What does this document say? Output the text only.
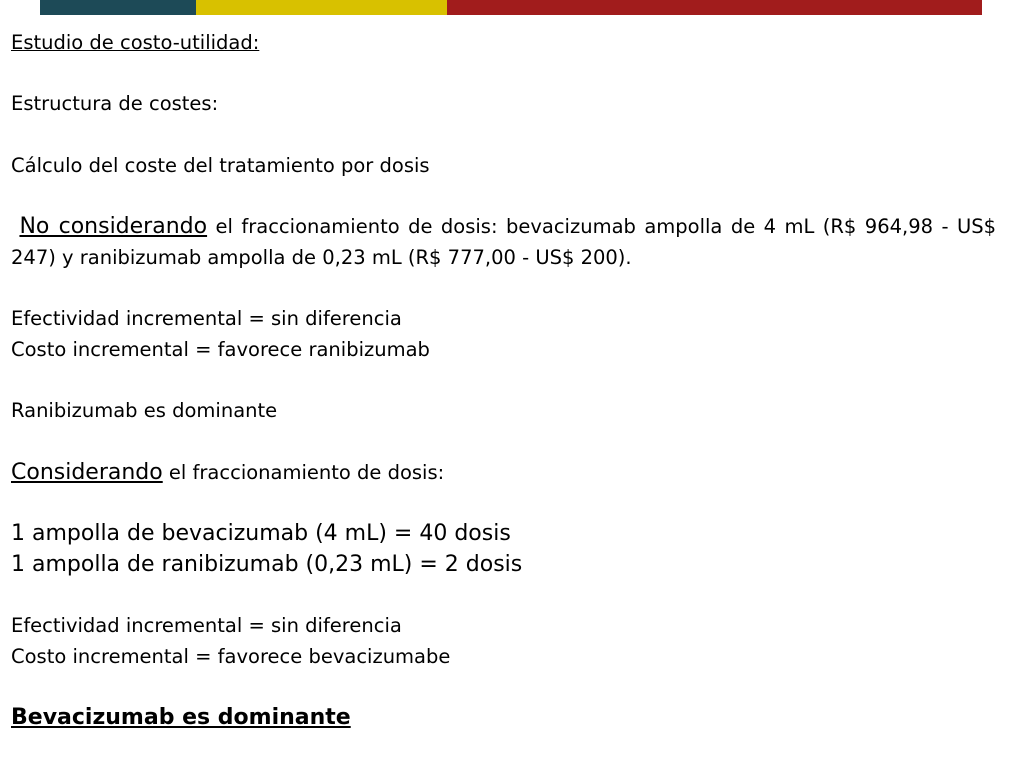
Estudio de costo-utilidad:
Estructura de costes:
Cálculo del coste del tratamiento por dosis
No considerando el fraccionamiento de dosis: bevacizumab ampolla de 4 mL (R$ 964,98 - US$ 247) y ranibizumab ampolla de 0,23 mL (R$ 777,00 - US$ 200).
Efectividad incremental = sin diferencia
Costo incremental = favorece ranibizumab
Ranibizumab es dominante
Considerando el fraccionamiento de dosis:
1 ampolla de bevacizumab (4 mL) = 40 dosis
1 ampolla de ranibizumab (0,23 mL) = 2 dosis
Efectividad incremental = sin diferencia
Costo incremental = favorece bevacizumabe
Bevacizumab es dominante
